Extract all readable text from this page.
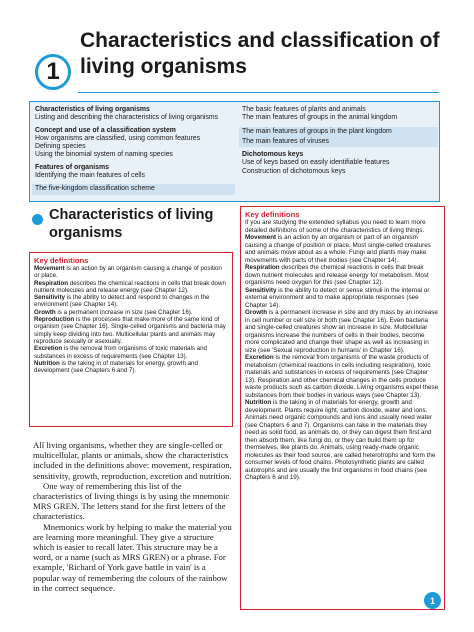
1
Characteristics and classification of living organisms
Characteristics of living organisms
Listing and describing the characteristics of living organisms
Concept and use of a classification system
How organisms are classified, using common features
Defining species
Using the binomial system of naming species
Features of organisms
Identifying the main features of cells
The five-kingdom classification scheme
The basic features of plants and animals
The main features of groups in the animal kingdom
The main features of groups in the plant kingdom
The main features of viruses
Dichotomous keys
Use of keys based on easily identifiable features
Construction of dichotomous keys
Characteristics of living organisms
Key definitions
Movement is an action by an organism causing a change of position or place.
Respiration describes the chemical reactions in cells that break down nutrient molecules and release energy (see Chapter 12).
Sensitivity is the ability to detect and respond to changes in the environment (see Chapter 14).
Growth is a permanent increase in size (see Chapter 16).
Reproduction is the processes that make more of the same kind of organism (see Chapter 16). Single-celled organisms and bacteria may simply keep dividing into two. Multicellular plants and animals may reproduce sexually or asexually.
Excretion is the removal from organisms of toxic materials and substances in excess of requirements (see Chapter 13).
Nutrition is the taking in of materials for energy, growth and development (see Chapters 6 and 7).

All living organisms, whether they are single-celled or multicellular, plants or animals, show the characteristics included in the definitions above: movement, respiration, sensitivity, growth, reproduction, excretion and nutrition.

One way of remembering this list of the characteristics of living things is by using the mnemonic MRS GREN. The letters stand for the first letters of the characteristics.

Mnemonics work by helping to make the material you are learning more meaningful. They give a structure which is easier to recall later. This structure may be a word, or a name (such as MRS GREN) or a phrase. For example, 'Richard of York gave battle in vain' is a popular way of remembering the colours of the rainbow in the correct sequence.

Key definitions
If you are studying the extended syllabus you need to learn more detailed definitions of some of the characteristics of living things.
Movement is an action by an organism or part of an organism causing a change of position or place. Most single-celled creatures and animals move about as a whole. Fungi and plants may make movements with parts of their bodies (see Chapter 14).
Respiration describes the chemical reactions in cells that break down nutrient molecules and release energy for metabolism. Most organisms need oxygen for this (see Chapter 12).
Sensitivity is the ability to detect or sense stimuli in the internal or external environment and to make appropriate responses (see Chapter 14).
Growth is a permanent increase in size and dry mass by an increase in cell number or cell size or both (see Chapter 16). Even bacteria and single-celled creatures show an increase in size. Multicellular organisms increase the numbers of cells in their bodies, become more complicated and change their shape as well as increasing in size (see 'Sexual reproduction in humans' in Chapter 16).
Excretion is the removal from organisms of the waste products of metabolism (chemical reactions in cells including respiration), toxic materials and substances in excess of requirements (see Chapter 13). Respiration and other chemical changes in the cells produce waste products such as carbon dioxide. Living organisms expel these substances from their bodies in various ways (see Chapter 13).
Nutrition is the taking in of materials for energy, growth and development. Plants require light, carbon dioxide, water and ions. Animals need organic compounds and ions and usually need water (see Chapters 6 and 7). Organisms can take in the materials they need as solid food, as animals do, or they can digest them first and then absorb them, like fungi do, or they can build them up for themselves, like plants do. Animals, using ready-made organic molecules as their food source, are called heterotrophs and form the consumer levels of food chains. Photosynthetic plants are called autotrophs and are usually the first organisms in food chains (see Chapters 6 and 19).
1
